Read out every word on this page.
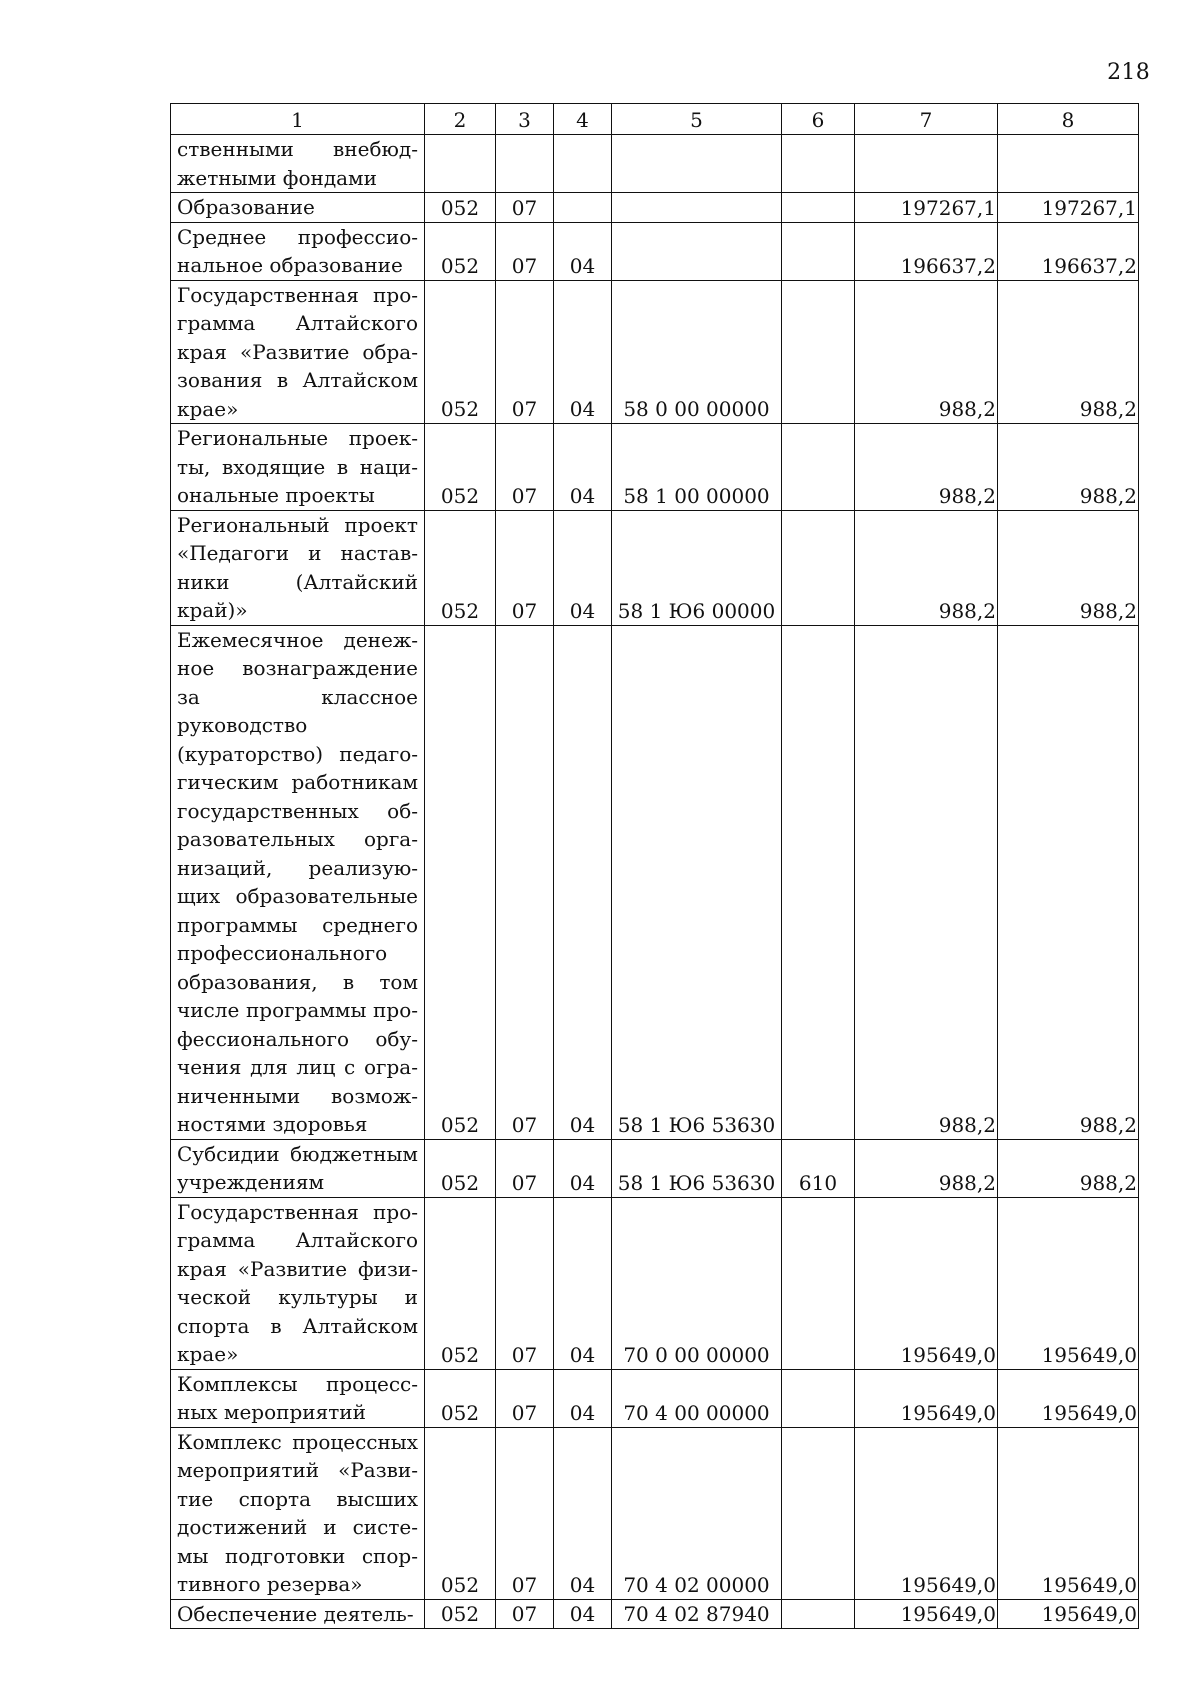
218
1	2	3	4	5	6	7	8
ственными внебюд-жетными фондами							
Образование	052	07				197267,1	197267,1
Среднее профессио-нальное образование	052	07	04			196637,2	196637,2
Государственная про-грамма Алтайского края «Развитие обра-зования в Алтайском крае»	052	07	04	58 0 00 00000		988,2	988,2
Региональные проек-ты, входящие в наци-ональные проекты	052	07	04	58 1 00 00000		988,2	988,2
Региональный проект «Педагоги и настав-ники (Алтайский край)»	052	07	04	58 1 Ю6 00000		988,2	988,2
Ежемесячное денеж-ное вознаграждение за классное руководство (кураторство) педаго-гическим работникам государственных об-разовательных орга-низаций, реализую-щих образовательные программы среднего профессионального образования, в том числе программы про-фессионального обу-чения для лиц с огра-ниченными возмож-ностями здоровья	052	07	04	58 1 Ю6 53630		988,2	988,2
Субсидии бюджетным учреждениям	052	07	04	58 1 Ю6 53630	610	988,2	988,2
Государственная про-грамма Алтайского края «Развитие физи-ческой культуры и спорта в Алтайском крае»	052	07	04	70 0 00 00000		195649,0	195649,0
Комплексы процесс-ных мероприятий	052	07	04	70 4 00 00000		195649,0	195649,0
Комплекс процессных мероприятий «Разви-тие спорта высших достижений и систе-мы подготовки спор-тивного резерва»	052	07	04	70 4 02 00000		195649,0	195649,0
Обеспечение деятель-	052	07	04	70 4 02 87940		195649,0	195649,0
